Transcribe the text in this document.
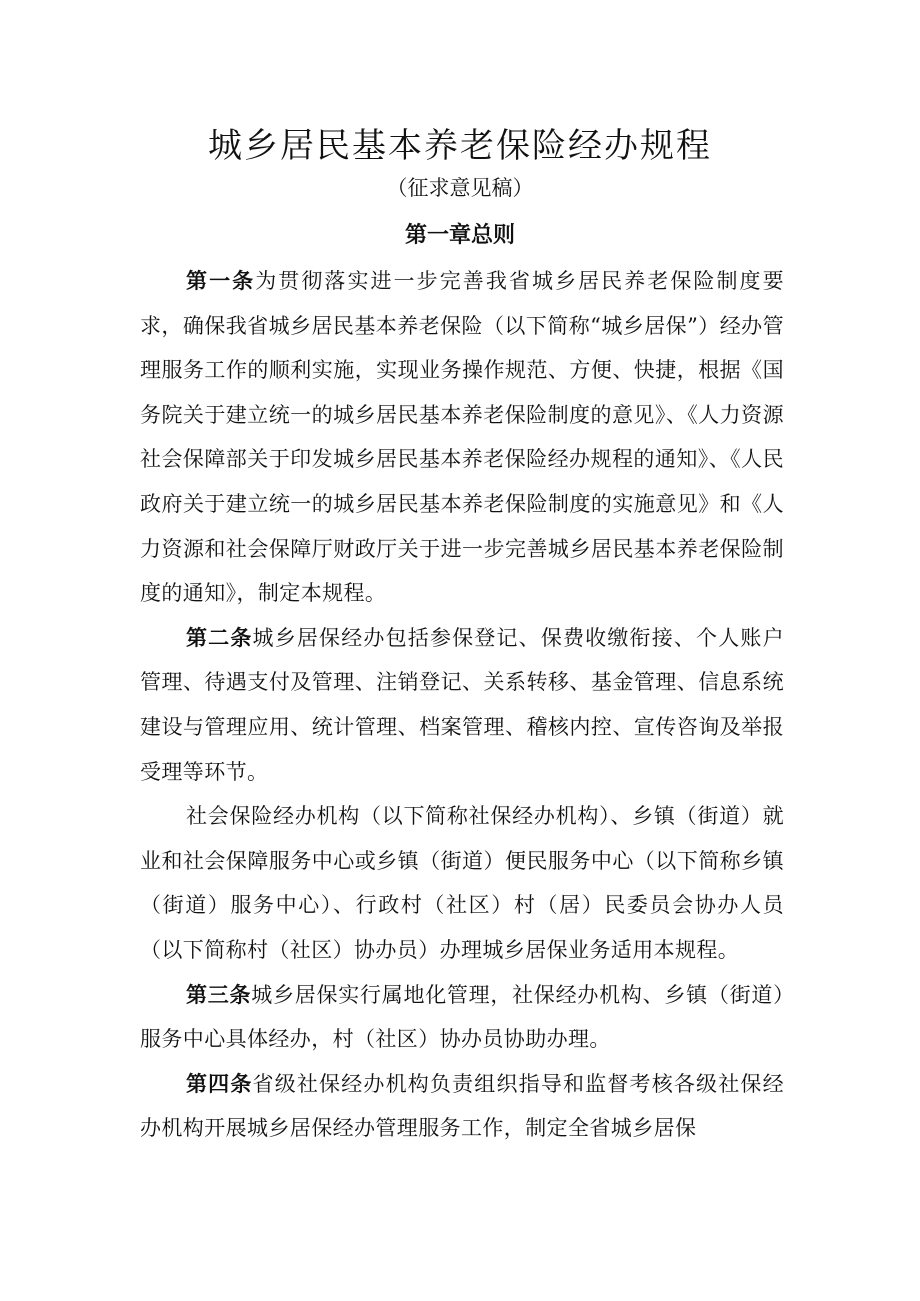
城乡居民基本养老保险经办规程
（征求意见稿）
第一章总则

第一条为贯彻落实进一步完善我省城乡居民养老保险制度要求，确保我省城乡居民基本养老保险（以下简称“城乡居保”）经办管理服务工作的顺利实施，实现业务操作规范、方便、快捷，根据《国务院关于建立统一的城乡居民基本养老保险制度的意见》、《人力资源社会保障部关于印发城乡居民基本养老保险经办规程的通知》、《人民政府关于建立统一的城乡居民基本养老保险制度的实施意见》和《人力资源和社会保障厅财政厅关于进一步完善城乡居民基本养老保险制度的通知》，制定本规程。

第二条城乡居保经办包括参保登记、保费收缴衔接、个人账户管理、待遇支付及管理、注销登记、关系转移、基金管理、信息系统建设与管理应用、统计管理、档案管理、稽核内控、宣传咨询及举报受理等环节。

社会保险经办机构（以下简称社保经办机构）、乡镇（街道）就业和社会保障服务中心或乡镇（街道）便民服务中心（以下简称乡镇（街道）服务中心）、行政村（社区）村（居）民委员会协办人员（以下简称村（社区）协办员）办理城乡居保业务适用本规程。

第三条城乡居保实行属地化管理，社保经办机构、乡镇（街道）服务中心具体经办，村（社区）协办员协助办理。

第四条省级社保经办机构负责组织指导和监督考核各级社保经办机构开展城乡居保经办管理服务工作，制定全省城乡居保
